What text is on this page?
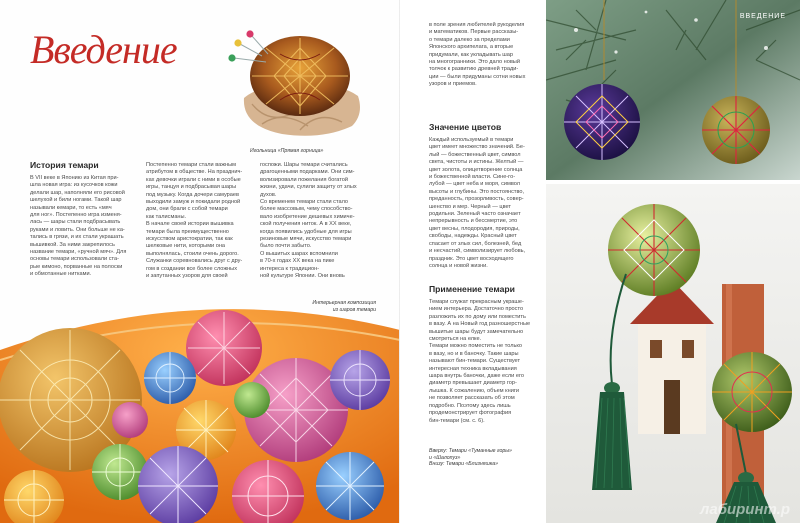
Введение
Игольница «Прямая горница»
История темари

В VII веке в Японию из Китая при-

шла новая игра: из кусочков кожи

делали шар, наполняли его рисовой

шелухой и били ногами. Такой шар

называли кемари, то есть «мяч

для ног». Постепенно игра изменя-

лась — шары стали подбрасывать

руками и ловить. Они больше не ка-

тались в грязи, и их стали украшать

вышивкой. За ними закрепилось

название темари, «ручной мяч». Для

основы темари использовали ста-

рые кимоно, порванные на полоски

и обмотанные нитками.

Постепенно темари стали важным

атрибутом в обществе. На празднич-

ках девочки играли с ними в особые

игры, танцуя и подбрасывая шары

под музыку. Когда дочери самураев

выходили замуж и покидали родной

дом, они брали с собой темари

как талисманы.

В начале своей истории вышивка

темари была преимущественно

искусством аристократии, так как

шелковые нити, которыми она

выполнялась, стоили очень дорого.

Служанки соревновались друг с дру-

гом в создании все более сложных

и запутанных узоров для своей

госпожи. Шары темари считались

драгоценными подарками. Они сим-

волизировали пожелания богатой

жизни, удачи, сулили защиту от злых

духов.

Со временем темари стали стало

более массовым, чему способство-

вало изобретение дешевых химиче-

ской получения ниток. А в XX веке,

когда появились удобные для игры

резиновые мячи, искусство темари

было почти забыто.

О вышитых шарах вспомнили

в 70-х годах XX века на пике

интереса к традицион-

ной культуре Японии. Они вновь

Интерьерная композиция

из шаров темари

в поле зрения любителей рукоделия

и математиков. Первые рассказы-

о темари далеко за пределами

Японского архипелага, а вторые

придумали, как укладывать шар

на многогранники. Это дало новый

толчок к развитию древней тради-

ции — были придуманы сотни новых

узоров и приемов.

Значение цветов

Каждый используемый в темари

цвет имеет множество значений. Бе-

лый — божественный цвет, символ

света, чистоты и истины. Желтый —

цвет золота, олицетворение солнца

и божественной власти. Сине-го-

лубой — цвет неба и моря, символ

высоты и глубины. Это постоянство,

преданность, прозорливость, совер-

шенство и мер. Черный — цвет

родильни. Зеленый часто означает

непрерывность и бессмертие, это

цвет весны, плодородия, природы,

свободы, надежды. Красный цвет

спасает от злых сил, болезней, бед

и несчастий, символизирует любовь,

праздник. Это цвет восходящего

солнца и новой жизни.

Применение темари

Темари служат прекрасным украше-

нием интерьера. Достаточно просто

разложить их по дому или поместить

в вазу. А на Новый год разношерстные

вышитые шары будут замечательно

смотреться на елке.

Темари можно поместить не только

в вазу, но и в баночку. Такие шары

называют бин-темари. Существует

интересная техника вкладывания

шара внутрь баночки, даже если его

диаметр превышает диаметр гор-

лышка. К сожалению, объем книги

не позволяет рассказать об этом

подробно. Поэтому здесь лишь

продемонстрирует фотография

бин-темари (см. с. 6).

Вверху: Темари «Туманные горы»

и «Шалопуз»

Внизу: Темари «Близняшка»

ВВЕДЕНИЕ
лабиринт.р
